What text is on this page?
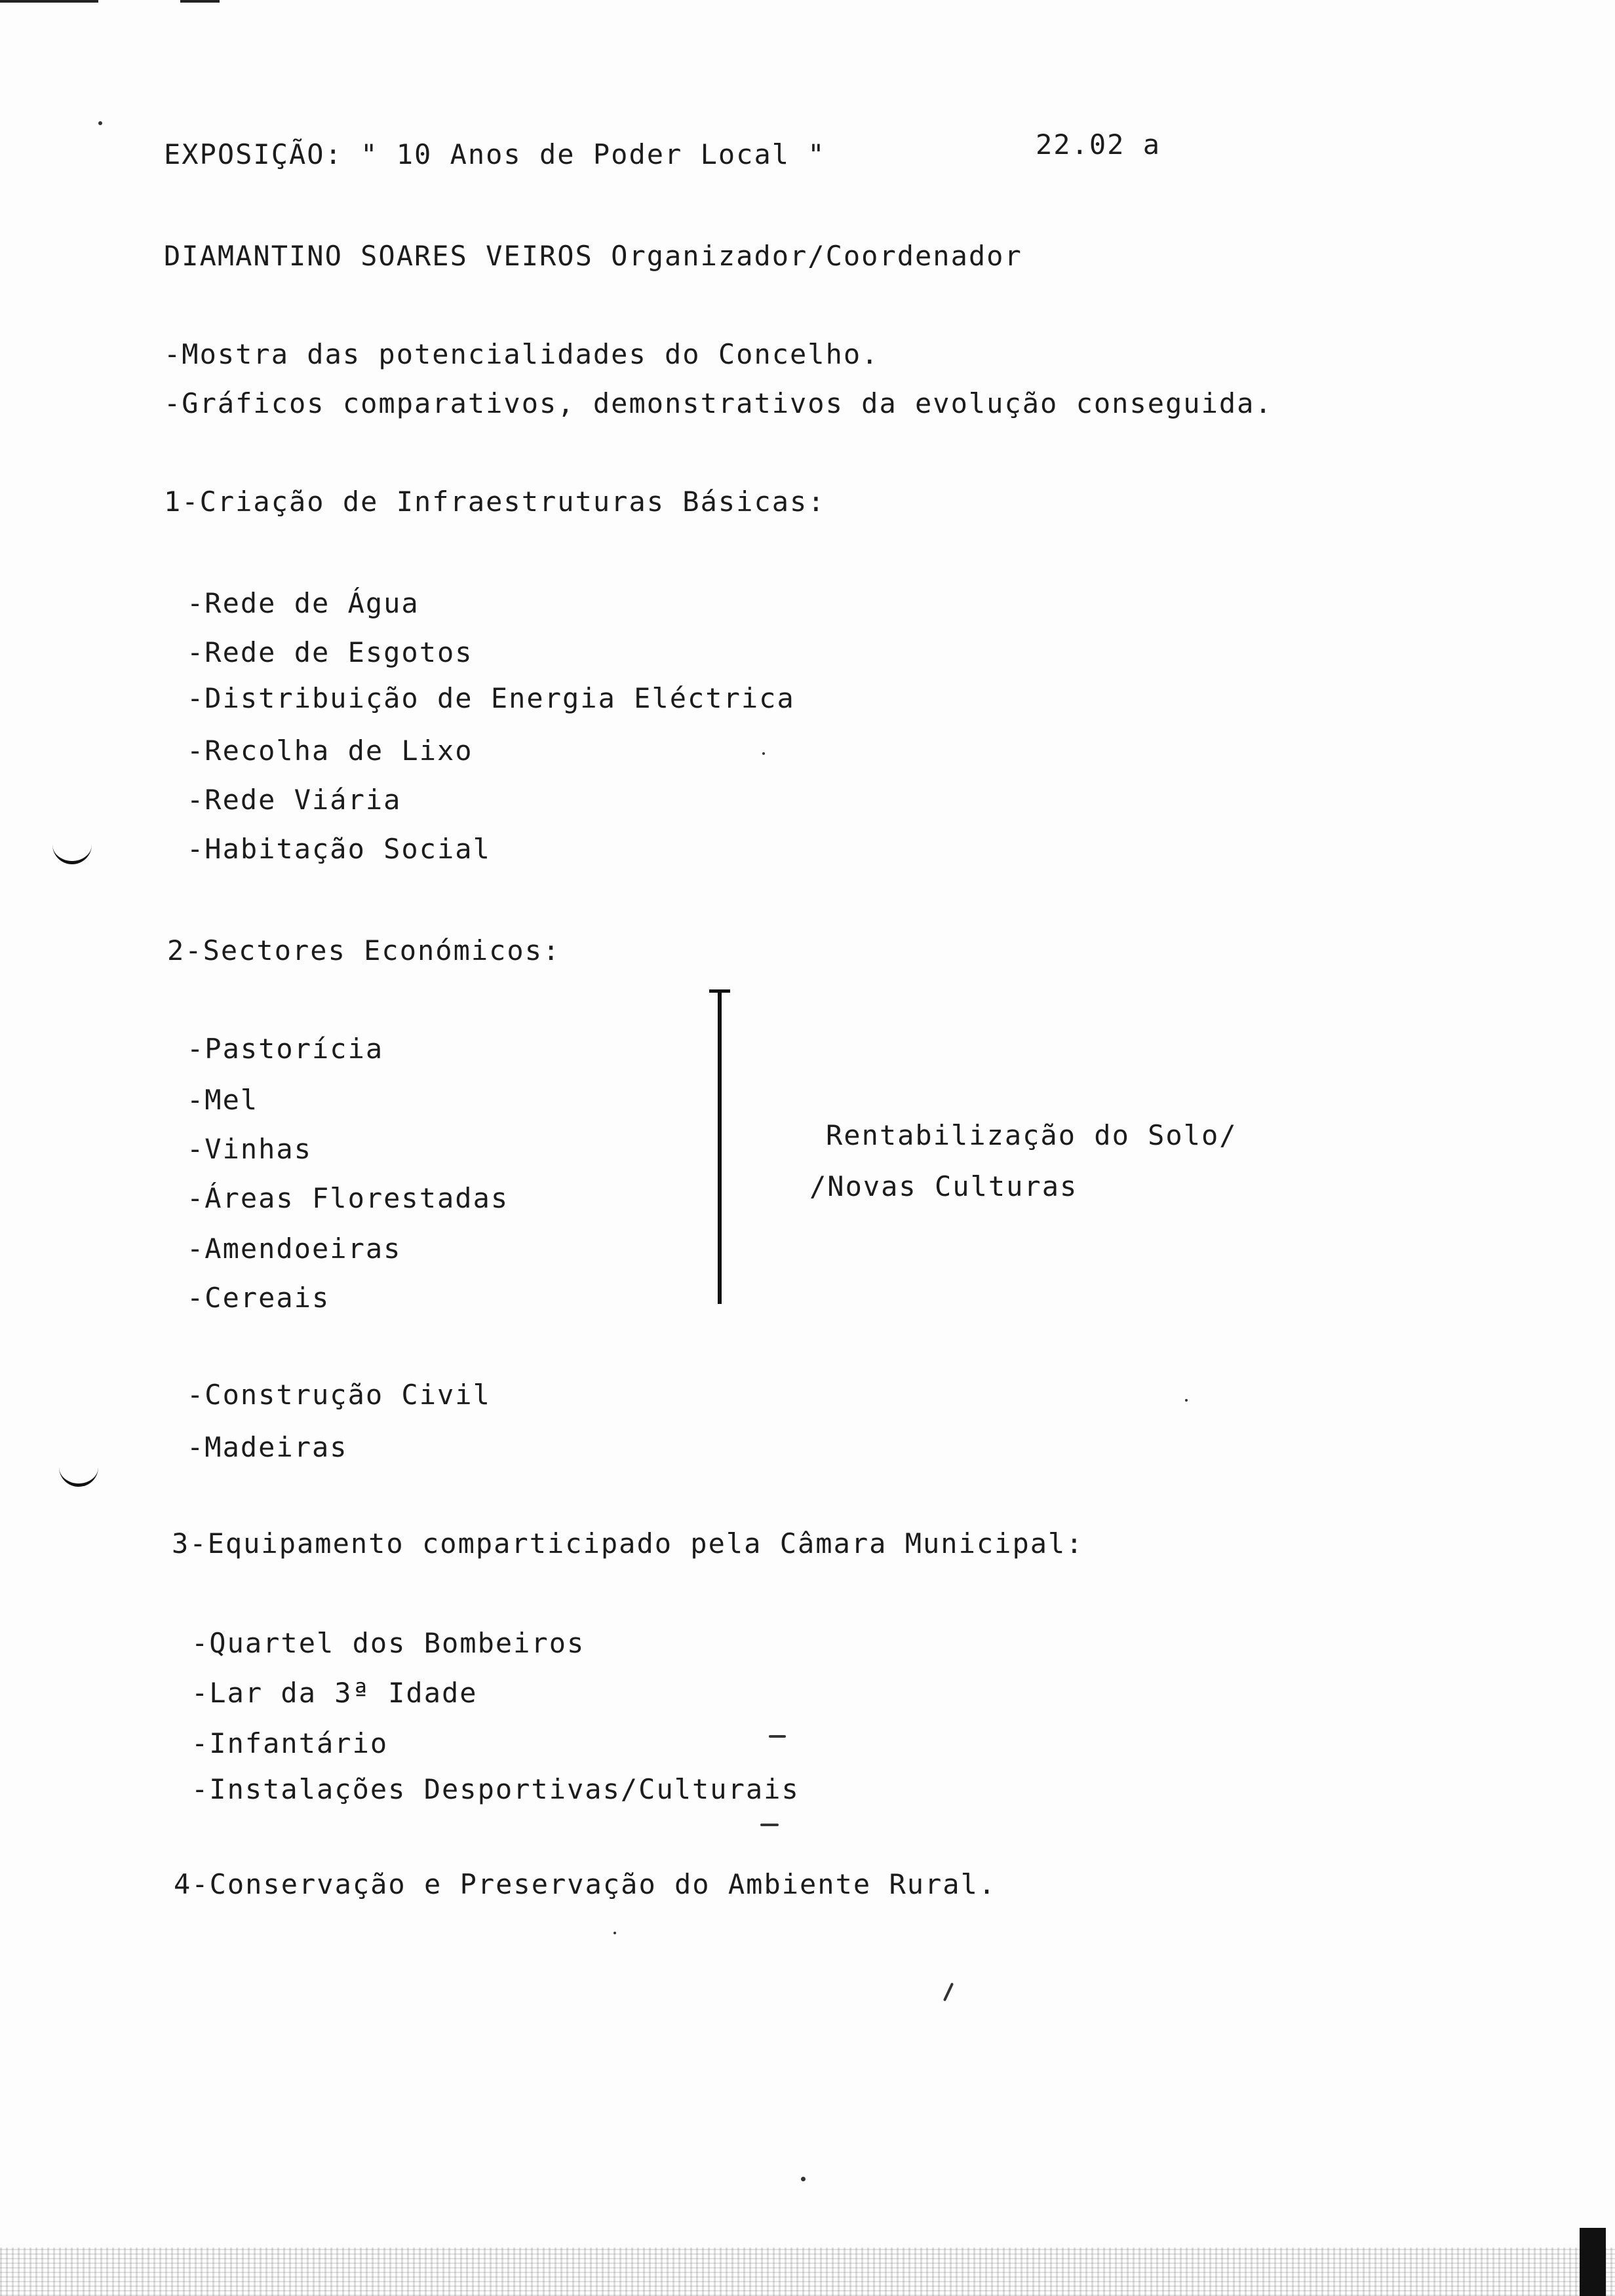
EXPOSIÇÃO: " 10 Anos de Poder Local "	22.02 a
DIAMANTINO SOARES VEIROS Organizador/Coordenador
-Mostra das potencialidades do Concelho.
-Gráficos comparativos, demonstrativos da evolução conseguida.
1-Criação de Infraestruturas Básicas:
-Rede de Água
-Rede de Esgotos
-Distribuição de Energia Eléctrica
-Recolha de Lixo
-Rede Viária
-Habitação Social
2-Sectores Económicos:
-Pastorícia
-Mel
-Vinhas
-Áreas Florestadas
-Amendoeiras
-Cereais
Rentabilização do Solo/
/Novas Culturas
-Construção Civil
-Madeiras
3-Equipamento comparticipado pela Câmara Municipal:
-Quartel dos Bombeiros
-Lar da 3ª Idade
-Infantário
-Instalações Desportivas/Culturais
4-Conservação e Preservação do Ambiente Rural.
